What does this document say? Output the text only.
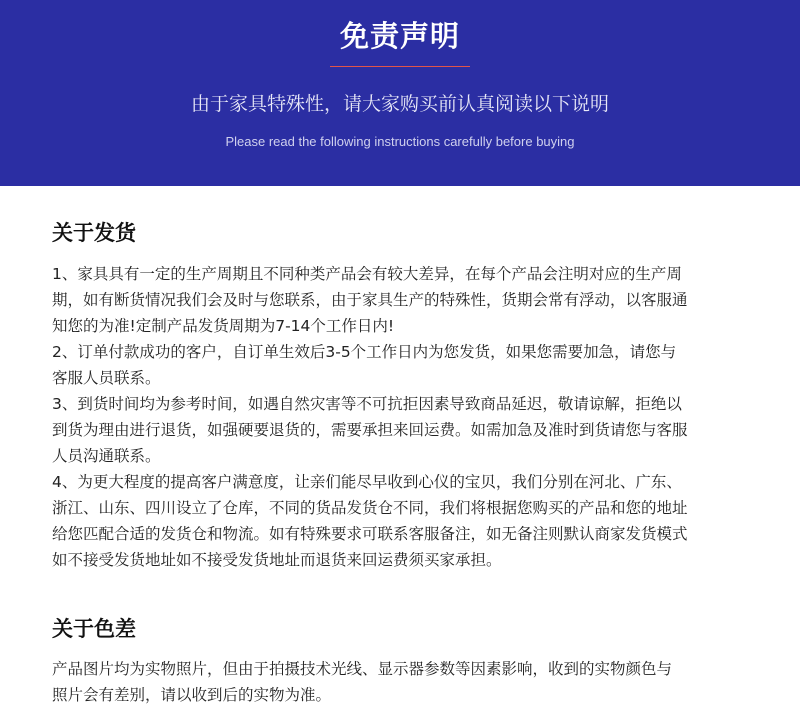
免责声明
由于家具特殊性，请大家购买前认真阅读以下说明
Please read the following instructions carefully before buying
关于发货

1、家具具有一定的生产周期且不同种类产品会有较大差异，在每个产品会注明对应的生产周
期，如有断货情况我们会及时与您联系，由于家具生产的特殊性，货期会常有浮动，以客服通
知您的为准!定制产品发货周期为7-14个工作日内!

2、订单付款成功的客户，自订单生效后3-5个工作日内为您发货，如果您需要加急，请您与
客服人员联系。

3、到货时间均为参考时间，如遇自然灾害等不可抗拒因素导致商品延迟，敬请谅解，拒绝以
到货为理由进行退货，如强硬要退货的，需要承担来回运费。如需加急及准时到货请您与客服
人员沟通联系。

4、为更大程度的提高客户满意度，让亲们能尽早收到心仪的宝贝，我们分别在河北、广东、
浙江、山东、四川设立了仓库，不同的货品发货仓不同，我们将根据您购买的产品和您的地址
给您匹配合适的发货仓和物流。如有特殊要求可联系客服备注，如无备注则默认商家发货模式
如不接受发货地址如不接受发货地址而退货来回运费须买家承担。

关于色差

产品图片均为实物照片，但由于拍摄技术光线、显示器参数等因素影响，收到的实物颜色与
照片会有差别，请以收到后的实物为准。
